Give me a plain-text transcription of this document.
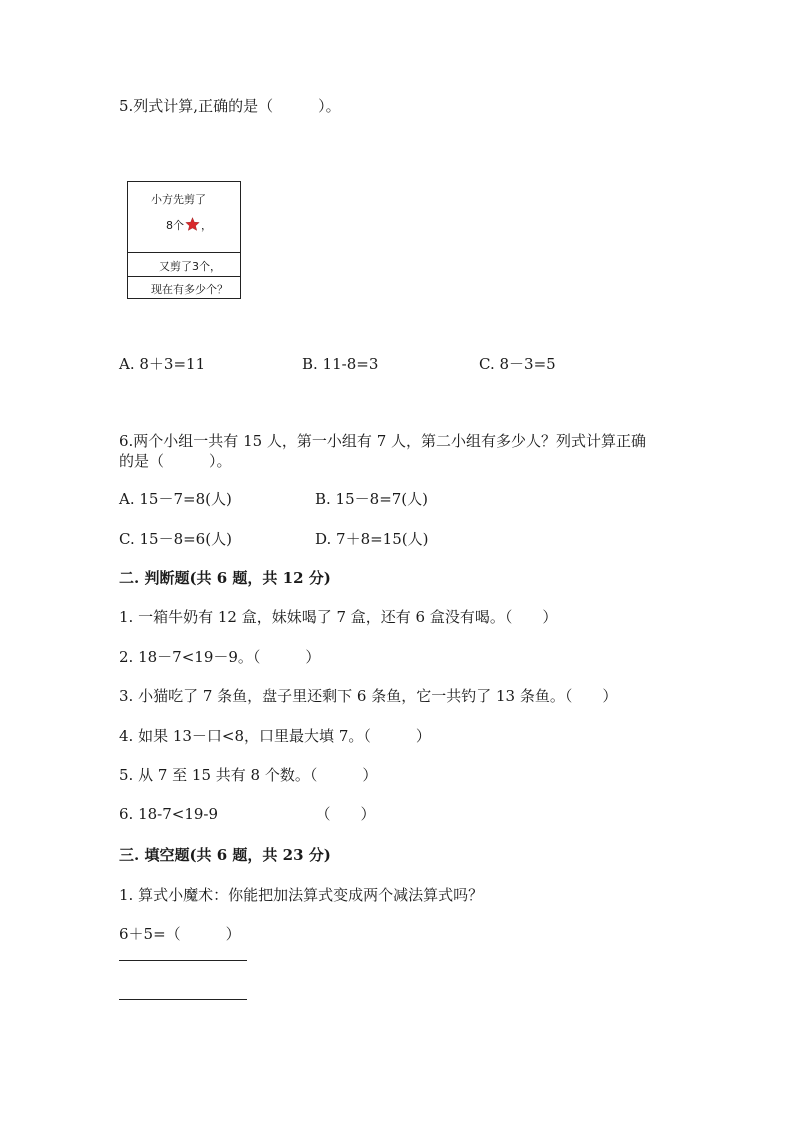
5.列式计算,正确的是（　　　）。
小方先剪了
8个 ，
又剪了3个，
现在有多少个？
A. 8＋3=11	B. 11-8=3	C. 8－3=5
6.两个小组一共有 15 人，第一小组有 7 人，第二小组有多少人？列式计算正确
的是（　　　）。
A. 15－7=8(人)	B. 15－8=7(人)
C. 15－8=6(人)	D. 7＋8=15(人)
二. 判断题(共 6 题，共 12 分)
1. 一箱牛奶有 12 盒，妹妹喝了 7 盒，还有 6 盒没有喝。（　　）
2. 18－7<19－9。（　　　）
3. 小猫吃了 7 条鱼，盘子里还剩下 6 条鱼，它一共钓了 13 条鱼。（　　）
4. 如果 13－口<8，口里最大填 7。（　　　）
5. 从 7 至 15 共有 8 个数。（　　　）
6. 18-7<19-9　　　　　　　（　　）
三. 填空题(共 6 题，共 23 分)
1. 算式小魔术：你能把加法算式变成两个减法算式吗？
6＋5=（　　　）
